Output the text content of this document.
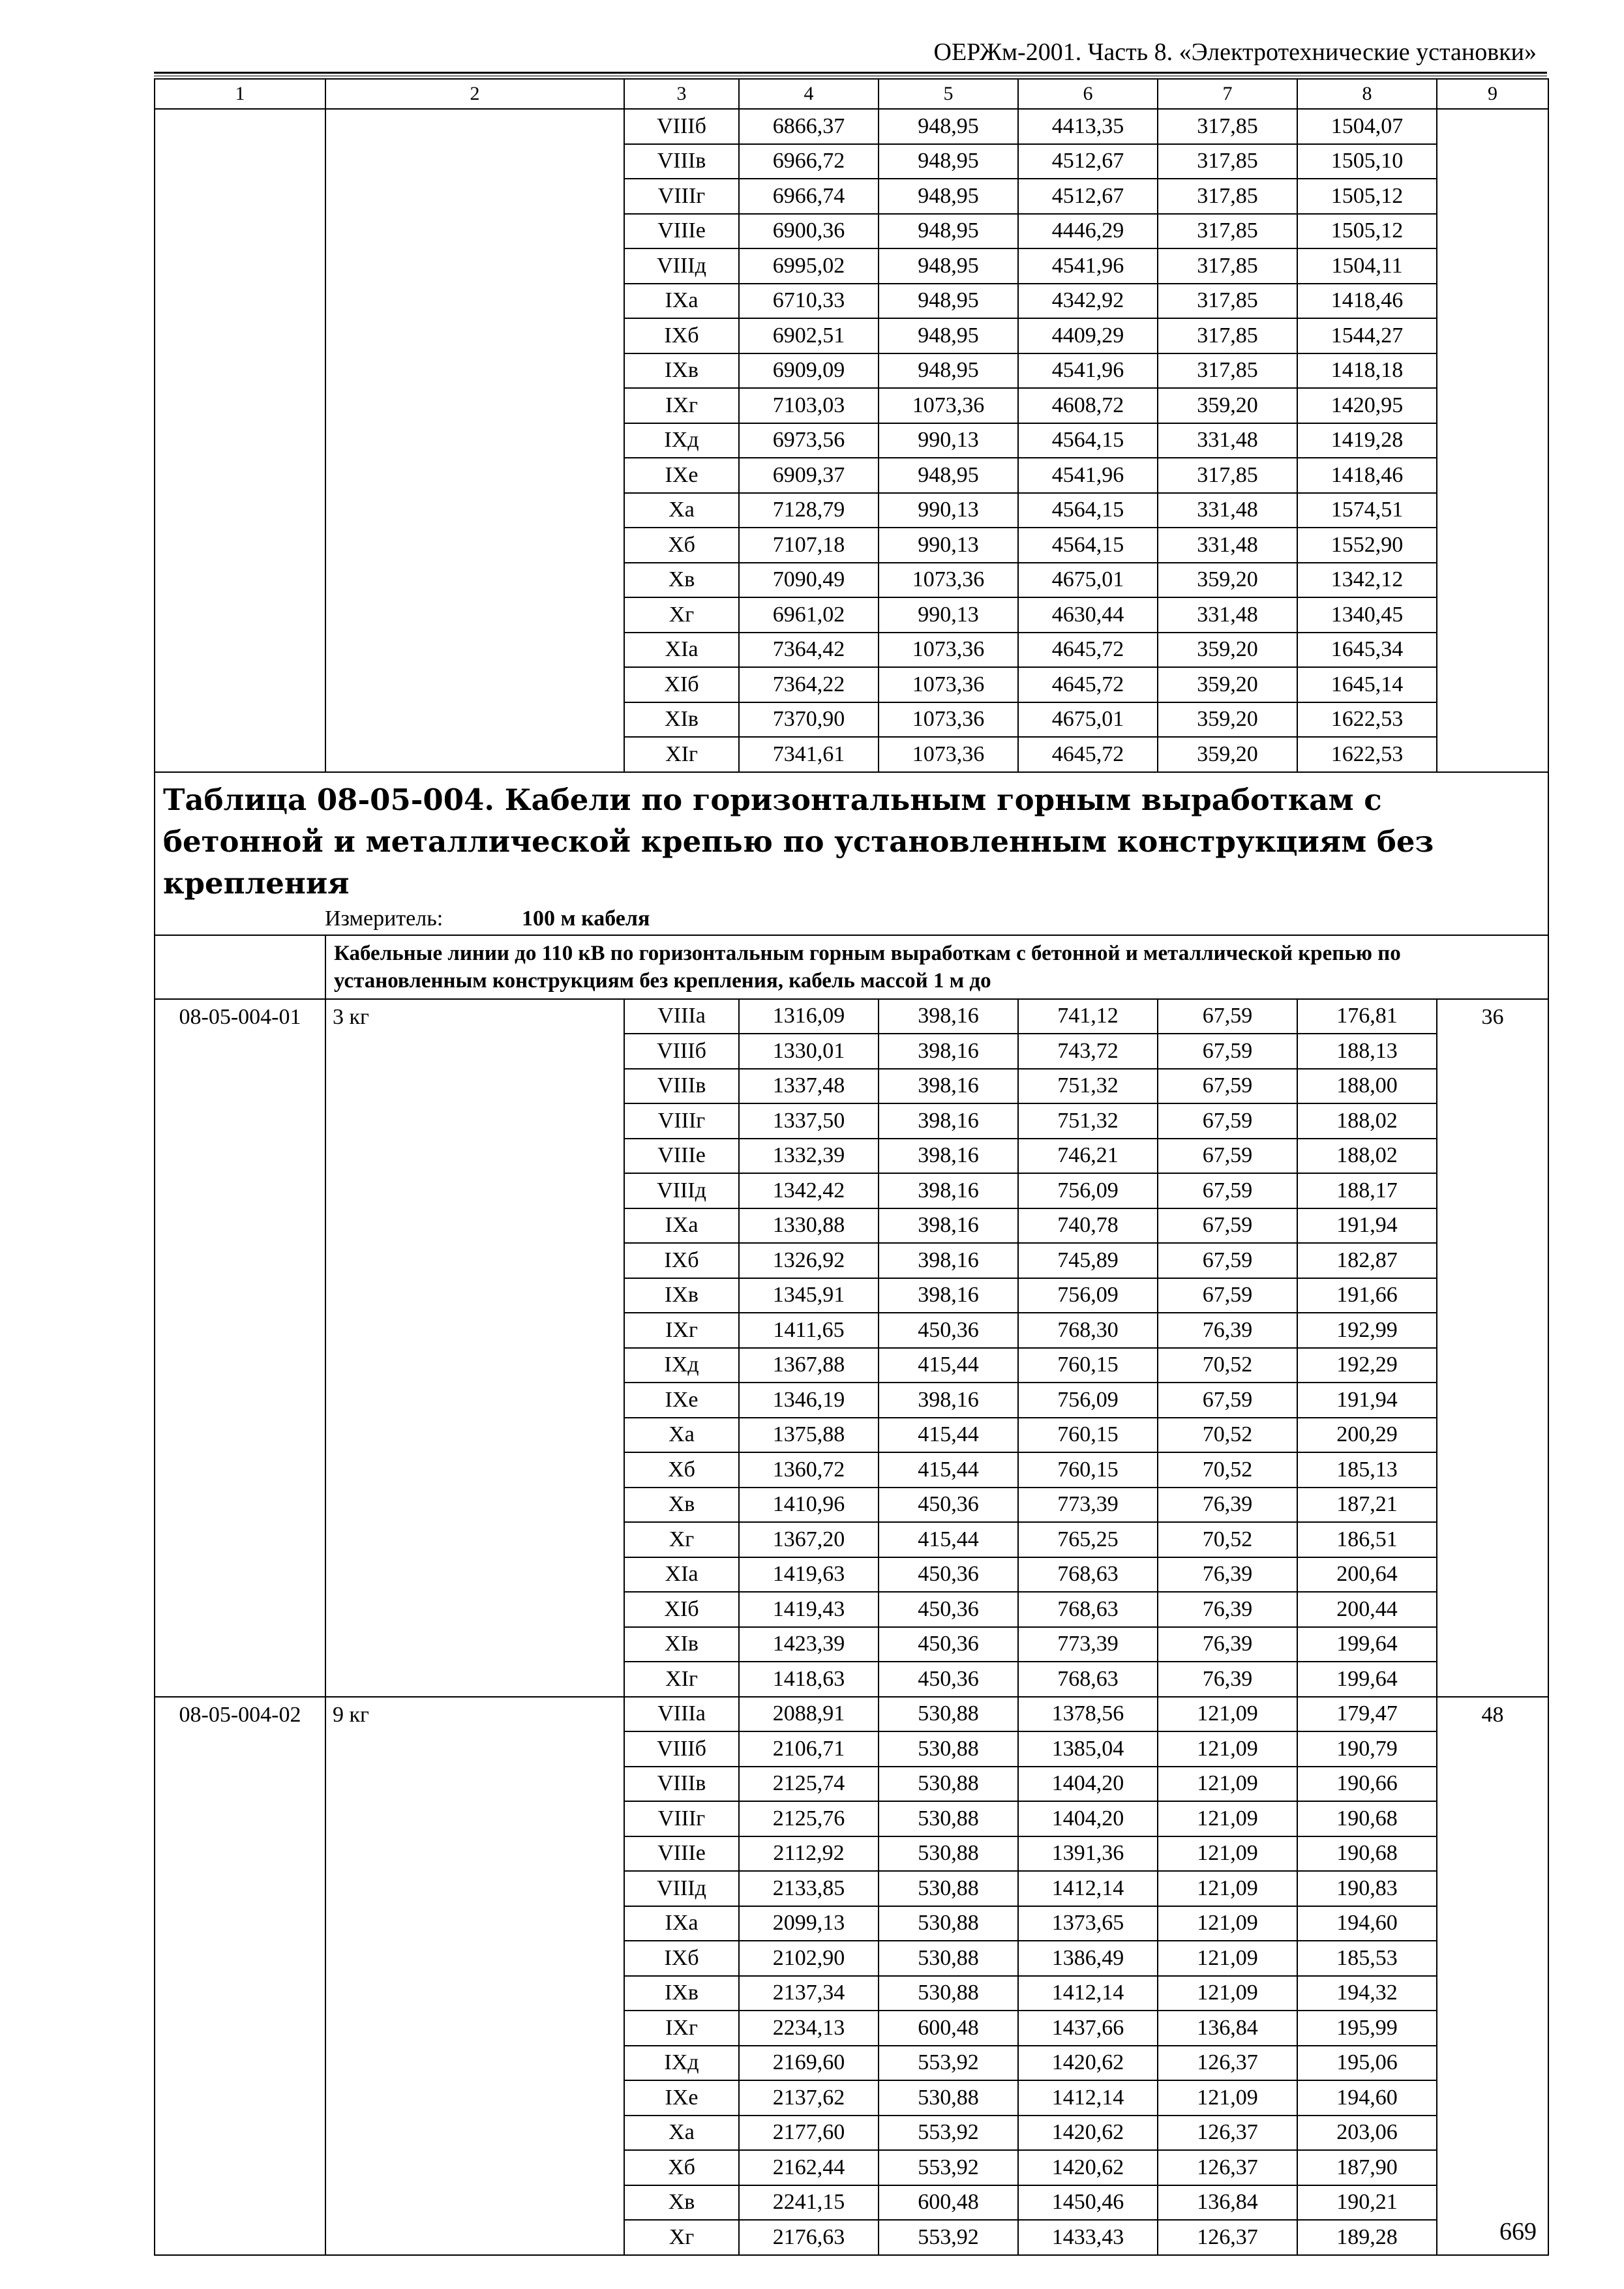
ОЕРЖм-2001. Часть 8. «Электротехнические установки»
1	2	3	4	5	6	7	8	9
		VIIIб	6866,37	948,95	4413,35	317,85	1504,07	
		VIIIв	6966,72	948,95	4512,67	317,85	1505,10	
		VIIIг	6966,74	948,95	4512,67	317,85	1505,12	
		VIIIе	6900,36	948,95	4446,29	317,85	1505,12	
		VIIIд	6995,02	948,95	4541,96	317,85	1504,11	
		IXа	6710,33	948,95	4342,92	317,85	1418,46	
		IXб	6902,51	948,95	4409,29	317,85	1544,27	
		IXв	6909,09	948,95	4541,96	317,85	1418,18	
		IXг	7103,03	1073,36	4608,72	359,20	1420,95	
		IXд	6973,56	990,13	4564,15	331,48	1419,28	
		IXе	6909,37	948,95	4541,96	317,85	1418,46	
		Xа	7128,79	990,13	4564,15	331,48	1574,51	
		Xб	7107,18	990,13	4564,15	331,48	1552,90	
		Xв	7090,49	1073,36	4675,01	359,20	1342,12	
		Xг	6961,02	990,13	4630,44	331,48	1340,45	
		XIа	7364,42	1073,36	4645,72	359,20	1645,34	
		XIб	7364,22	1073,36	4645,72	359,20	1645,14	
		XIв	7370,90	1073,36	4675,01	359,20	1622,53	
		XIг	7341,61	1073,36	4645,72	359,20	1622,53	

Таблица 08-05-004. Кабели по горизонтальным горным выработкам с бетонной и металлической крепью по установленным конструкциям без крепления
Измеритель: 100 м кабеля								

	Кабельные линии до 110 кВ по горизонтальным горным выработкам с бетонной и металлической крепью по установленным конструкциям без крепления, кабель массой 1 м до							
08-05-004-01	3 кг	VIIIа	1316,09	398,16	741,12	67,59	176,81	36
		VIIIб	1330,01	398,16	743,72	67,59	188,13	
		VIIIв	1337,48	398,16	751,32	67,59	188,00	
		VIIIг	1337,50	398,16	751,32	67,59	188,02	
		VIIIе	1332,39	398,16	746,21	67,59	188,02	
		VIIIд	1342,42	398,16	756,09	67,59	188,17	
		IXа	1330,88	398,16	740,78	67,59	191,94	
		IXб	1326,92	398,16	745,89	67,59	182,87	
		IXв	1345,91	398,16	756,09	67,59	191,66	
		IXг	1411,65	450,36	768,30	76,39	192,99	
		IXд	1367,88	415,44	760,15	70,52	192,29	
		IXе	1346,19	398,16	756,09	67,59	191,94	
		Xа	1375,88	415,44	760,15	70,52	200,29	
		Xб	1360,72	415,44	760,15	70,52	185,13	
		Xв	1410,96	450,36	773,39	76,39	187,21	
		Xг	1367,20	415,44	765,25	70,52	186,51	
		XIа	1419,63	450,36	768,63	76,39	200,64	
		XIб	1419,43	450,36	768,63	76,39	200,44	
		XIв	1423,39	450,36	773,39	76,39	199,64	
		XIг	1418,63	450,36	768,63	76,39	199,64	
08-05-004-02	9 кг	VIIIа	2088,91	530,88	1378,56	121,09	179,47	48
		VIIIб	2106,71	530,88	1385,04	121,09	190,79	
		VIIIв	2125,74	530,88	1404,20	121,09	190,66	
		VIIIг	2125,76	530,88	1404,20	121,09	190,68	
		VIIIе	2112,92	530,88	1391,36	121,09	190,68	
		VIIIд	2133,85	530,88	1412,14	121,09	190,83	
		IXа	2099,13	530,88	1373,65	121,09	194,60	
		IXб	2102,90	530,88	1386,49	121,09	185,53	
		IXв	2137,34	530,88	1412,14	121,09	194,32	
		IXг	2234,13	600,48	1437,66	136,84	195,99	
		IXд	2169,60	553,92	1420,62	126,37	195,06	
		IXе	2137,62	530,88	1412,14	121,09	194,60	
		Xа	2177,60	553,92	1420,62	126,37	203,06	
		Xб	2162,44	553,92	1420,62	126,37	187,90	
		Xв	2241,15	600,48	1450,46	136,84	190,21	
		Xг	2176,63	553,92	1433,43	126,37	189,28		669
